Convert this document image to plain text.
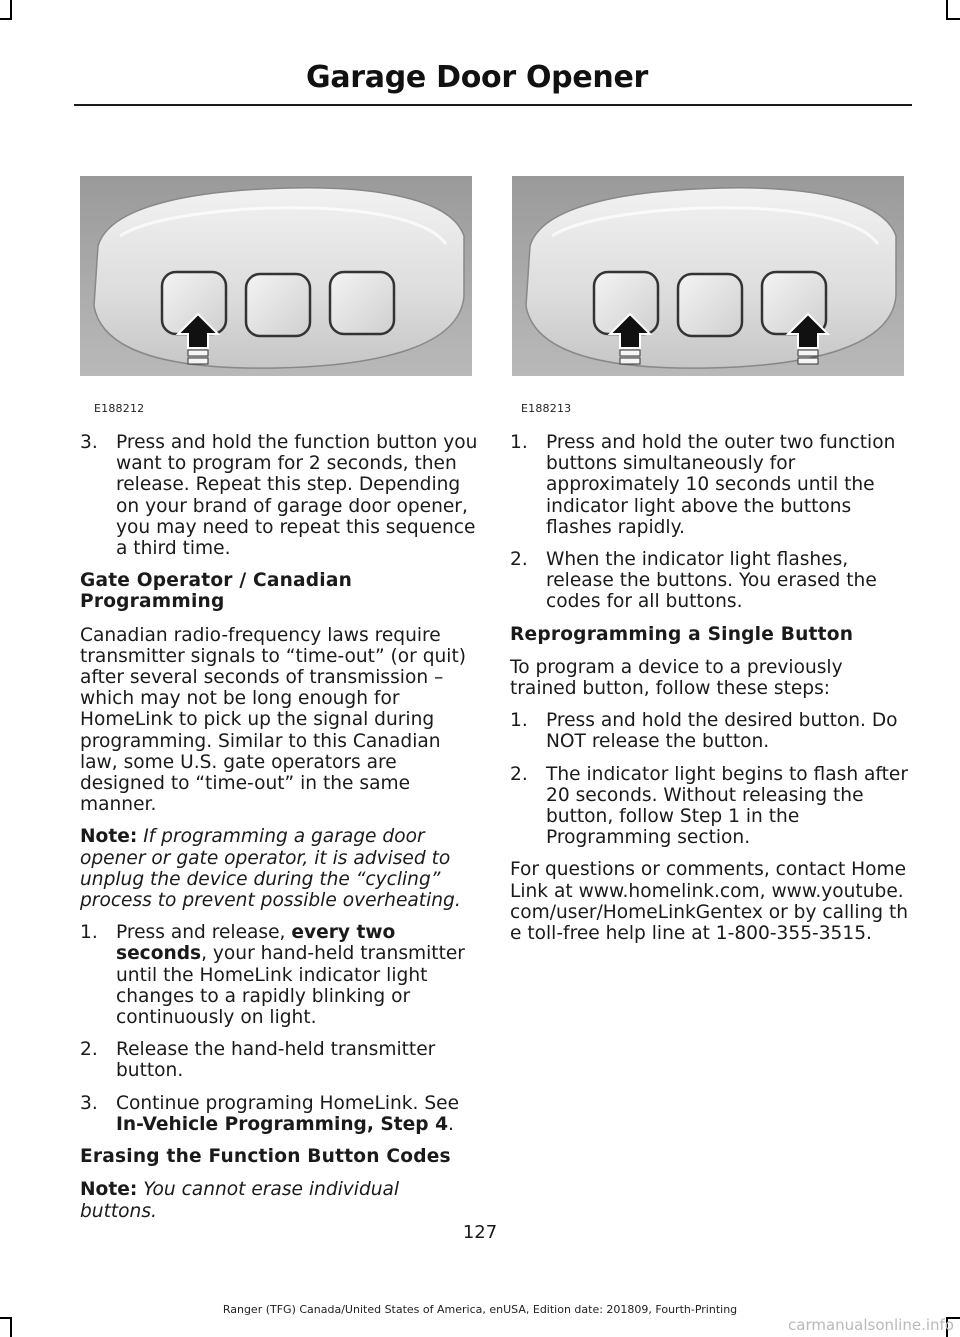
Garage Door Opener
E188212	E188213
3. Press and hold the function button you want to program for 2 seconds, then release. Repeat this step. Depending on your brand of garage door opener, you may need to repeat this sequence a third time.
Gate Operator / Canadian Programming

Canadian radio-frequency laws require transmitter signals to “time-out” (or quit) after several seconds of transmission – which may not be long enough for HomeLink to pick up the signal during programming. Similar to this Canadian law, some U.S. gate operators are designed to “time-out” in the same manner.

Note: If programming a garage door opener or gate operator, it is advised to unplug the device during the “cycling” process to prevent possible overheating.

1. Press and release, every two seconds, your hand-held transmitter until the HomeLink indicator light changes to a rapidly blinking or continuously on light.
2. Release the hand-held transmitter button.
3. Continue programing HomeLink. See In-Vehicle Programming, Step 4.
Erasing the Function Button Codes

Note: You cannot erase individual buttons.

1. Press and hold the outer two function buttons simultaneously for approximately 10 seconds until the indicator light above the buttons flashes rapidly.
2. When the indicator light flashes, release the buttons. You erased the codes for all buttons.
Reprogramming a Single Button

To program a device to a previously trained button, follow these steps:

1. Press and hold the desired button. Do NOT release the button.
2. The indicator light begins to flash after 20 seconds. Without releasing the button, follow Step 1 in the Programming section.

For questions or comments, contact HomeLink at www.homelink.com, www.youtube.com/user/HomeLinkGentex or by calling the toll-free help line at 1-800-355-3515.

127
Ranger (TFG) Canada/United States of America, enUSA, Edition date: 201809, Fourth-Printing
carmanualsonline.info
